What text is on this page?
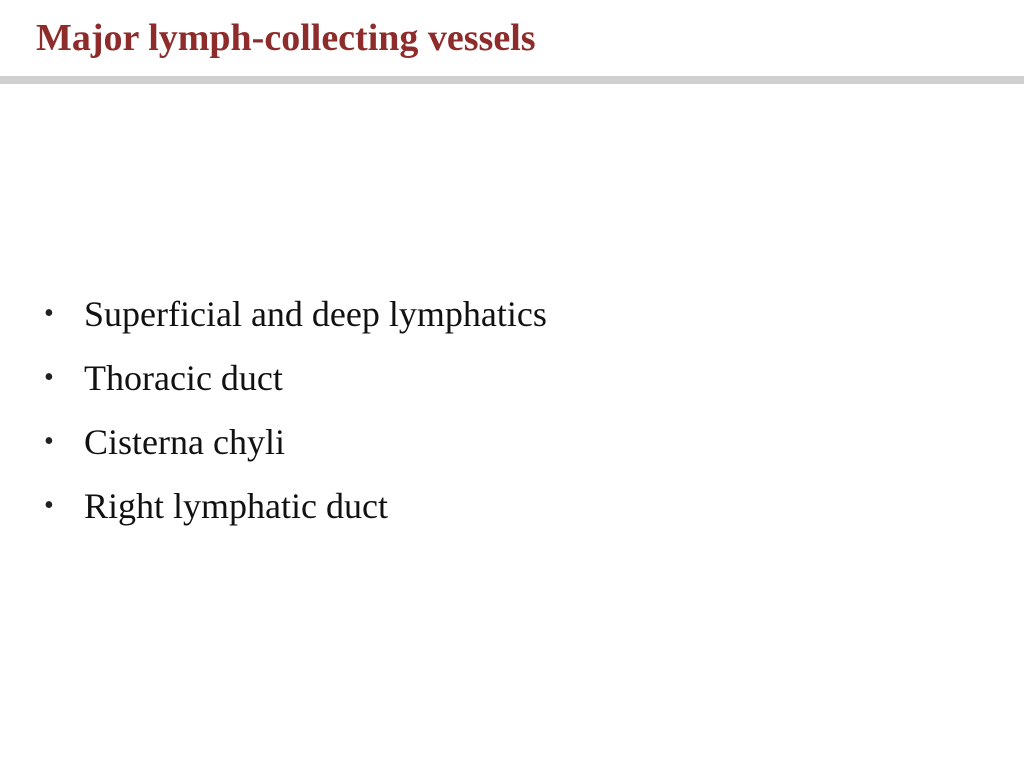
Major lymph-collecting vessels
• Superficial and deep lymphatics
• Thoracic duct
• Cisterna chyli
• Right lymphatic duct
